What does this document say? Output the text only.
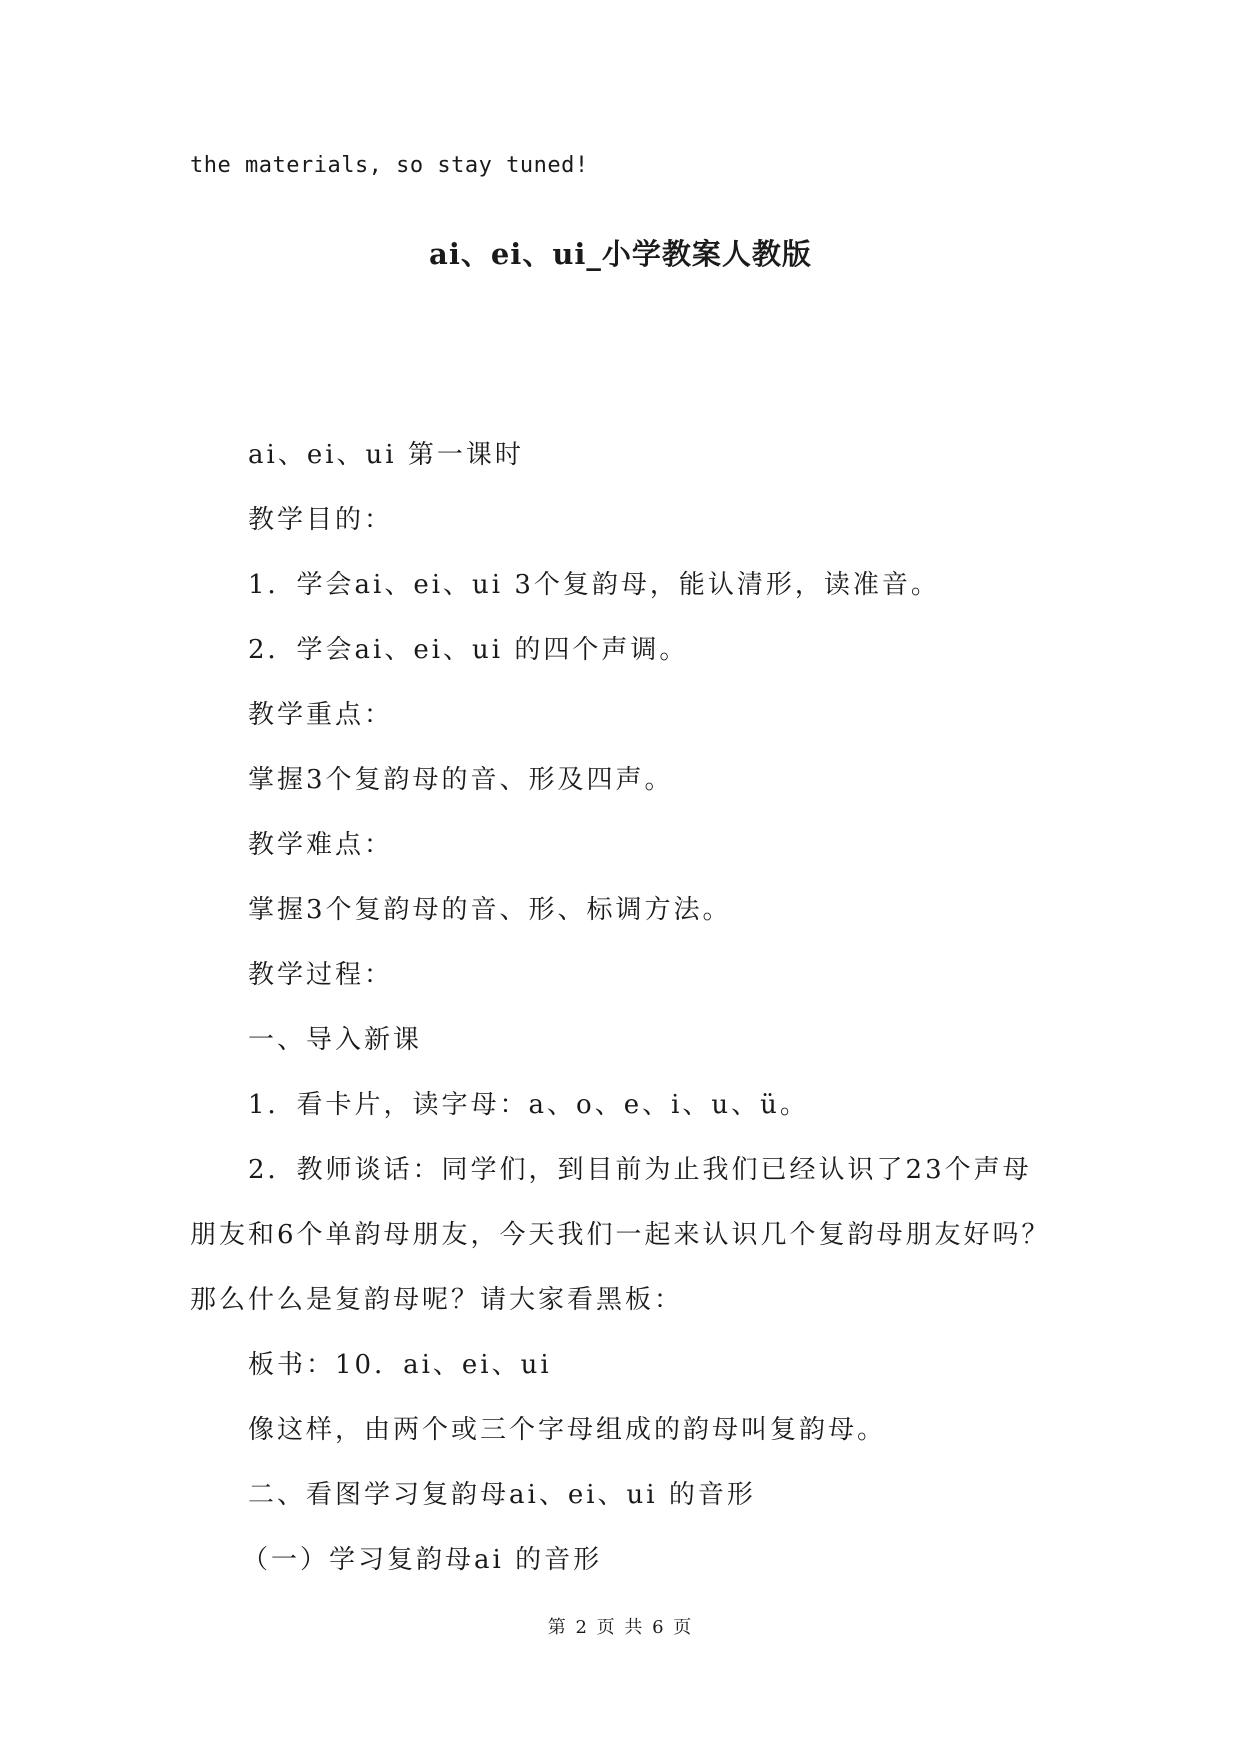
the materials, so stay tuned!
ai、ei、ui_小学教案人教版

ai、ei、ui 第一课时

教学目的：

1．学会ai、ei、ui 3个复韵母，能认清形，读准音。

2．学会ai、ei、ui 的四个声调。

教学重点：

掌握3个复韵母的音、形及四声。

教学难点：

掌握3个复韵母的音、形、标调方法。

教学过程：

一、导入新课

1．看卡片，读字母：a、o、e、i、u、ü。

2．教师谈话：同学们，到目前为止我们已经认识了23个声母朋友和6个单韵母朋友，今天我们一起来认识几个复韵母朋友好吗？那么什么是复韵母呢？请大家看黑板：

板书：10．ai、ei、ui

像这样，由两个或三个字母组成的韵母叫复韵母。

二、看图学习复韵母ai、ei、ui 的音形

（一）学习复韵母ai 的音形

第 2 页 共 6 页
